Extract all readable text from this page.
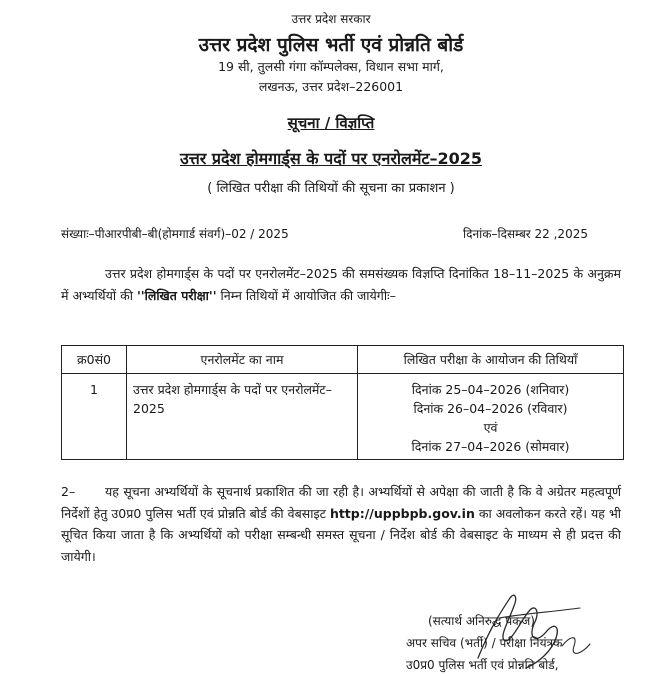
उत्तर प्रदेश सरकार
उत्तर प्रदेश पुलिस भर्ती एवं प्रोन्नति बोर्ड
19 सी, तुलसी गंगा कॉम्पलेक्स, विधान सभा मार्ग,
लखनऊ, उत्तर प्रदेश–226001
सूचना / विज्ञप्ति
उत्तर प्रदेश होमगार्ड्स के पदों पर एनरोलमेंट–2025
( लिखित परीक्षा की तिथियों की सूचना का प्रकाशन )
संख्याः–पीआरपीबी–बी(होमगार्ड संवर्ग)–02 / 2025	दिनांक–दिसम्बर 22 ,2025
उत्तर प्रदेश होमगार्ड्स के पदों पर एनरोलमेंट–2025 की समसंख्यक विज्ञप्ति दिनांकित 18–11–2025 के अनुक्रम में अभ्यर्थियों की ''लिखित परीक्षा'' निम्न तिथियों में आयोजित की जायेगीः–
क्र0सं0	एनरोलमेंट का नाम	लिखित परीक्षा के आयोजन की तिथियाँ
1	उत्तर प्रदेश होमगार्ड्स के पदों पर एनरोलमेंट–2025	दिनांक 25–04–2026 (शनिवार)
दिनांक 26–04–2026 (रविवार)
एवं
दिनांक 27–04–2026 (सोमवार)
2– यह सूचना अभ्यर्थियों के सूचनार्थ प्रकाशित की जा रही है। अभ्यर्थियों से अपेक्षा की जाती है कि वे अग्रेतर महत्वपूर्ण निर्देशों हेतु उ0प्र0 पुलिस भर्ती एवं प्रोन्नति बोर्ड की वेबसाइट http://uppbpb.gov.in का अवलोकन करते रहें। यह भी सूचित किया जाता है कि अभ्यर्थियों को परीक्षा सम्बन्धी समस्त सूचना / निर्देश बोर्ड की वेबसाइट के माध्यम से ही प्रदत्त की जायेगी।
(सत्यार्थ अनिरुद्ध पंकज)
अपर सचिव (भर्ती) / परीक्षा नियंत्रक
उ0प्र0 पुलिस भर्ती एवं प्रोन्नति बोर्ड,
